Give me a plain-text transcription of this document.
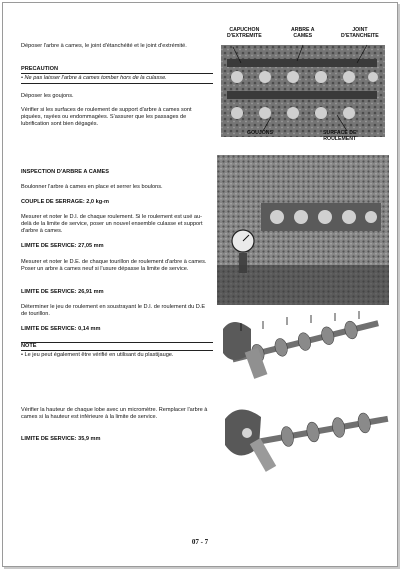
Déposer l'arbre à cames, le joint d'étanchéité et le joint d'extrémité.
PRECAUTION
• Ne pas laisser l'arbre à cames tomber hors de la culasse.
Déposer les goujons.
Vérifier si les surfaces de roulement de support d'arbre à cames sont piquées, rayées ou endommagées. S'assurer que les passages de lubrification sont bien dégagés.
INSPECTION D'ARBRE A CAMES
Boulonner l'arbre à cames en place et serrer les boulons.
COUPLE DE SERRAGE: 2,0 kg-m
Mesurer et noter le D.I. de chaque roulement. Si le roulement est usé au-delà de la limite de service, poser un nouvel ensemble culasse et support d'arbre à cames.
LIMITE DE SERVICE: 27,05 mm
Mesurer et noter le D.E. de chaque tourillon de roulement d'arbre à cames. Poser un arbre à cames neuf si l'usure dépasse la limite de service.
LIMITE DE SERVICE: 26,91 mm
Déterminer le jeu de roulement en soustrayant le D.I. de roulement du D.E de tourillon.
LIMITE DE SERVICE: 0,14 mm
NOTE
• Le jeu peut également être vérifié en utilisant du plastijauge.
Vérifier la hauteur de chaque lobe avec un micromètre. Remplacer l'arbre à cames si la hauteur est inférieure à la limite de service.
LIMITE DE SERVICE: 35,9 mm
CAPUCHON
D'EXTREMITE
ARBRE A
CAMES
JOINT
D'ETANCHEITE
GOUJONS	SURFACE DE
ROULEMENT
07 - 7
